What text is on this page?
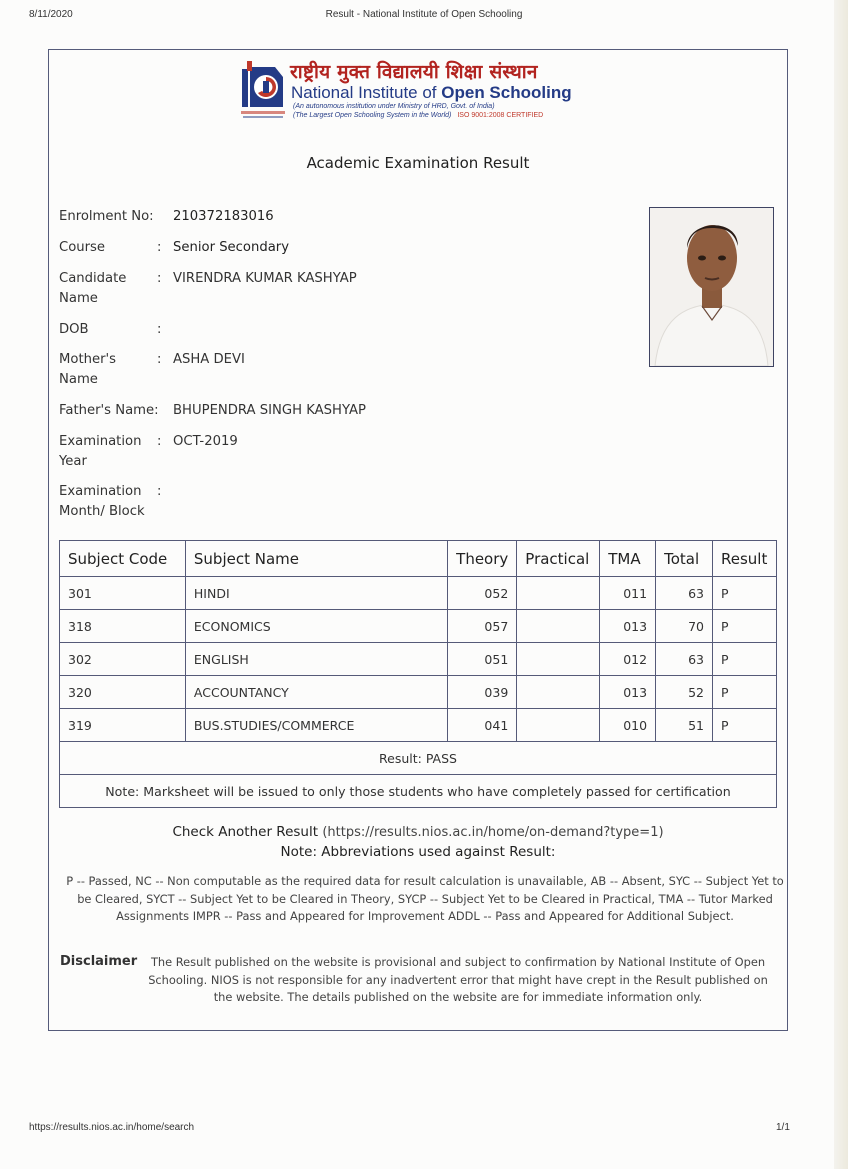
8/11/2020	Result - National Institute of Open Schooling
राष्ट्रीय मुक्त विद्यालयी शिक्षा संस्थान
National Institute of Open Schooling
(An autonomous institution under Ministry of HRD, Govt. of India)
(The Largest Open Schooling System in the World) ISO 9001:2008 CERTIFIED
Academic Examination Result
Enrolment No:	210372183016
Course	: Senior Secondary
Candidate Name
: VIRENDRA KUMAR KASHYAP
DOB	:
Mother's Name
: ASHA DEVI
Father's Name:	BHUPENDRA SINGH KASHYAP
Examination Year
: OCT-2019
Examination Month/ Block
:
Subject Code	Subject Name	Theory	Practical	TMA	Total	Result
301	HINDI	052		011	63	P
318	ECONOMICS	057		013	70	P
302	ENGLISH	051		012	63	P
320	ACCOUNTANCY	039		013	52	P
319	BUS.STUDIES/COMMERCE	041		010	51	P
Result: PASS						
Note: Marksheet will be issued to only those students who have completely passed for certification						
Check Another Result (https://results.nios.ac.in/home/on-demand?type=1)
Note: Abbreviations used against Result:
P -- Passed, NC -- Non computable as the required data for result calculation is unavailable, AB -- Absent, SYC -- Subject Yet to be Cleared, SYCT -- Subject Yet to be Cleared in Theory, SYCP -- Subject Yet to be Cleared in Practical, TMA -- Tutor Marked Assignments IMPR -- Pass and Appeared for Improvement ADDL -- Pass and Appeared for Additional Subject.
Disclaimer	The Result published on the website is provisional and subject to confirmation by National Institute of Open Schooling. NIOS is not responsible for any inadvertent error that might have crept in the Result published on the website. The details published on the website are for immediate information only.
https://results.nios.ac.in/home/search	1/1
